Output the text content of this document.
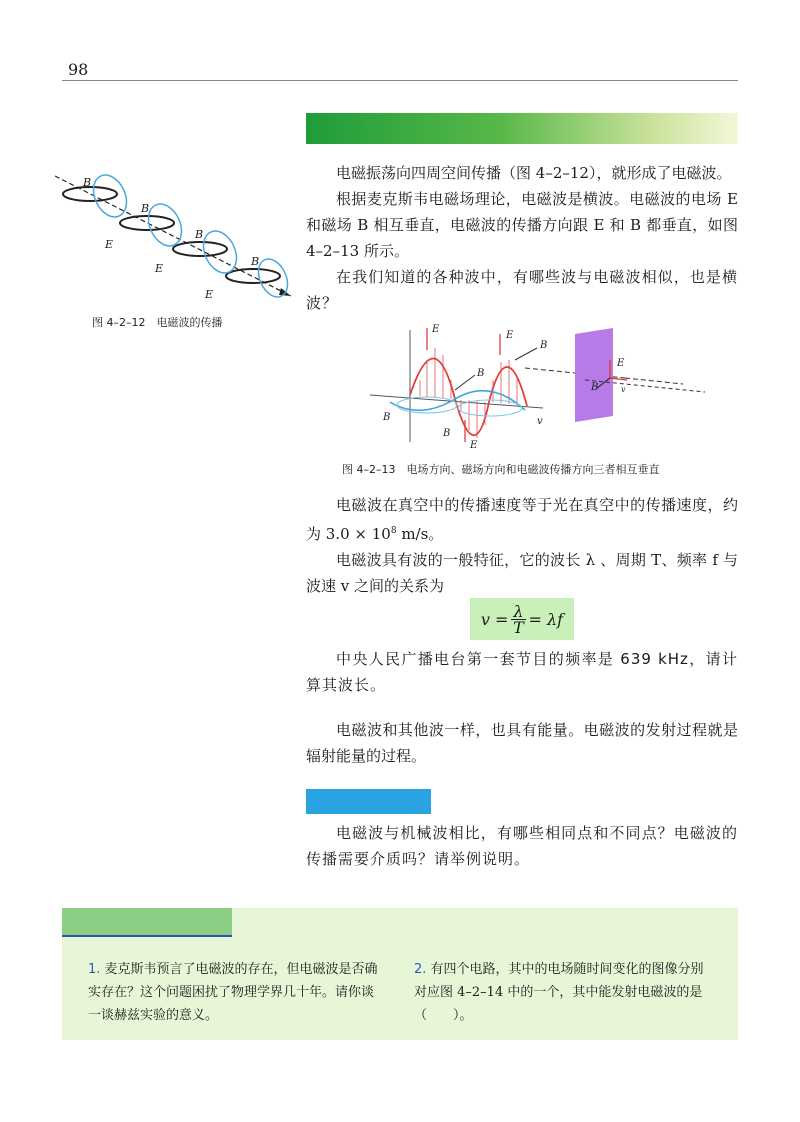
98
B
B
B
B
E
E
E
图 4–2–12　电磁波的传播
电磁振荡向四周空间传播（图 4–2–12），就形成了电磁波。
根据麦克斯韦电磁场理论，电磁波是横波。电磁波的电场 E 和磁场 B 相互垂直，电磁波的传播方向跟 E 和 B 都垂直，如图 4–2–13 所示。
在我们知道的各种波中，有哪些波与电磁波相似，也是横波？
E
E
E
B
B
B
B
B
E
v
v
图 4–2–13　电场方向、磁场方向和电磁波传播方向三者相互垂直
电磁波在真空中的传播速度等于光在真空中的传播速度，约为 $3.0 \times 10^8$ m/s。
电磁波具有波的一般特征，它的波长 λ 、周期 T、频率 f 与波速 v 之间的关系为
$v = \frac{\lambda}{T} = \lambda f$
中央人民广播电台第一套节目的频率是 639 kHz，请计算其波长。
电磁波和其他波一样，也具有能量。电磁波的发射过程就是辐射能量的过程。
电磁波与机械波相比，有哪些相同点和不同点？电磁波的传播需要介质吗？请举例说明。
1. 麦克斯韦预言了电磁波的存在，但电磁波是否确实存在？这个问题困扰了物理学界几十年。请你谈一谈赫兹实验的意义。
2. 有四个电路，其中的电场随时间变化的图像分别对应图 4–2–14 中的一个，其中能发射电磁波的是（　　）。
